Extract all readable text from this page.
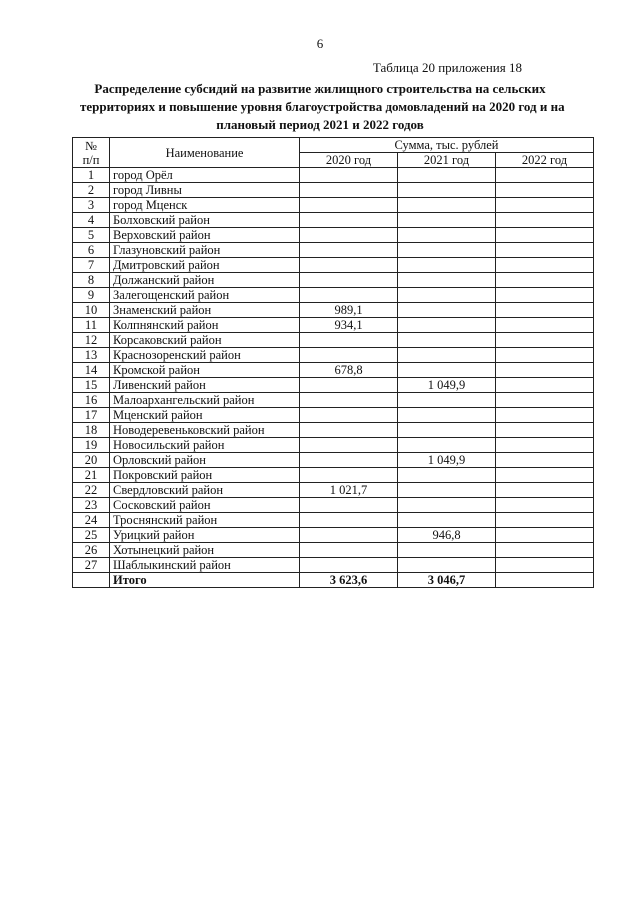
6
Таблица 20 приложения 18
Распределение субсидий на развитие жилищного строительства на сельских
территориях и повышение уровня благоустройства домовладений на 2020 год и на
плановый период 2021 и 2022 годов
№
п/п	Наименование	Сумма, тыс. рублей		
		2020 год	2021 год	2022 год
1	город Орёл			
2	город Ливны			
3	город Мценск			
4	Болховский район			
5	Верховский район			
6	Глазуновский район			
7	Дмитровский район			
8	Должанский район			
9	Залегощенский район			
10	Знаменский район	989,1		
11	Колпнянский район	934,1		
12	Корсаковский район			
13	Краснозоренский район			
14	Кромской район	678,8		
15	Ливенский район		1 049,9	
16	Малоархангельский район			
17	Мценский район			
18	Новодеревеньковский район			
19	Новосильский район			
20	Орловский район		1 049,9	
21	Покровский район			
22	Свердловский район	1 021,7		
23	Сосковский район			
24	Троснянский район			
25	Урицкий район		946,8	
26	Хотынецкий район			
27	Шаблыкинский район			
	Итого	3 623,6	3 046,7	
